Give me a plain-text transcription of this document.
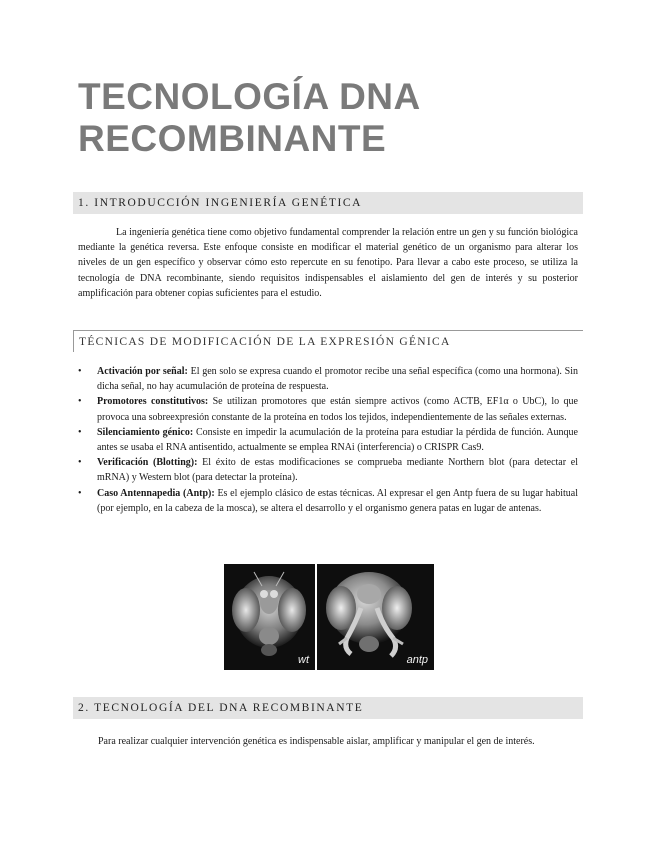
TECNOLOGÍA DNA RECOMBINANTE
1. INTRODUCCIÓN INGENIERÍA GENÉTICA

La ingeniería genética tiene como objetivo fundamental comprender la relación entre un gen y su función biológica mediante la genética reversa. Este enfoque consiste en modificar el material genético de un organismo para alterar los niveles de un gen específico y observar cómo esto repercute en su fenotipo. Para llevar a cabo este proceso, se utiliza la tecnología de DNA recombinante, siendo requisitos indispensables el aislamiento del gen de interés y su posterior amplificación para obtener copias suficientes para el estudio.

TÉCNICAS DE MODIFICACIÓN DE LA EXPRESIÓN GÉNICA
• Activación por señal: El gen solo se expresa cuando el promotor recibe una señal específica (como una hormona). Sin dicha señal, no hay acumulación de proteína de respuesta.
• Promotores constitutivos: Se utilizan promotores que están siempre activos (como ACTB, EF1α o UbC), lo que provoca una sobreexpresión constante de la proteína en todos los tejidos, independientemente de las señales externas.
• Silenciamiento génico: Consiste en impedir la acumulación de la proteína para estudiar la pérdida de función. Aunque antes se usaba el RNA antisentido, actualmente se emplea RNAi (interferencia) o CRISPR Cas9.
• Verificación (Blotting): El éxito de estas modificaciones se comprueba mediante Northern blot (para detectar el mRNA) y Western blot (para detectar la proteína).
• Caso Antennapedia (Antp): Es el ejemplo clásico de estas técnicas. Al expresar el gen Antp fuera de su lugar habitual (por ejemplo, en la cabeza de la mosca), se altera el desarrollo y el organismo genera patas en lugar de antenas.
wt	antp
2. TECNOLOGÍA DEL DNA RECOMBINANTE

Para realizar cualquier intervención genética es indispensable aislar, amplificar y manipular el gen de interés.
